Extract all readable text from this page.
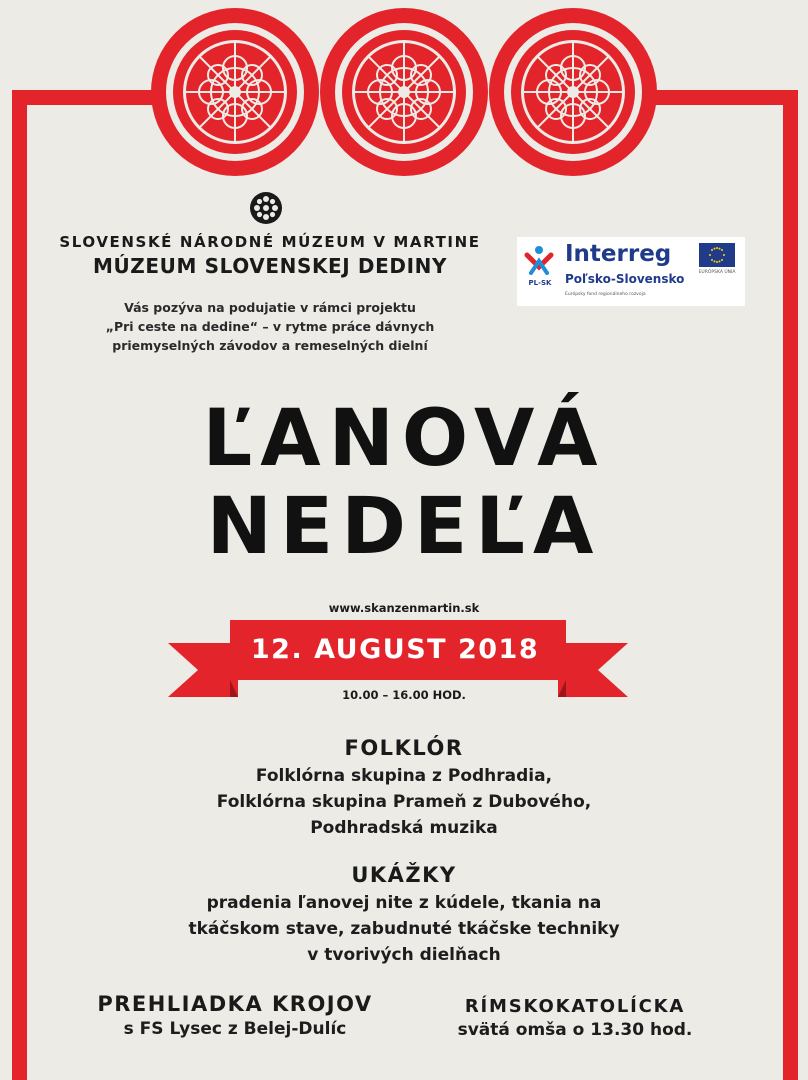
SLOVENSKÉ NÁRODNÉ MÚZEUM V MARTINE
MÚZEUM SLOVENSKEJ DEDINY
Vás pozýva na podujatie v rámci projektu
„Pri ceste na dedine“ – v rytme práce dávnych
priemyselných závodov a remeselných dielní
PL-SK
Interreg
Poľsko-Slovensko
Európsky fond regionálneho rozvoja
EURÓPSKA ÚNIA
ĽANOVÁ
NEDEĽA
www.skanzenmartin.sk
12. AUGUST 2018
10.00 – 16.00 HOD.
FOLKLÓR
Folklórna skupina z Podhradia,
Folklórna skupina Prameň z Dubového,
Podhradská muzika
UKÁŽKY
pradenia ľanovej nite z kúdele, tkania na
tkáčskom stave, zabudnuté tkáčske techniky
v tvorivých dielňach
PREHLIADKA KROJOV
s FS Lysec z Belej-Dulíc
RÍMSKOKATOLÍCKA
svätá omša o 13.30 hod.
